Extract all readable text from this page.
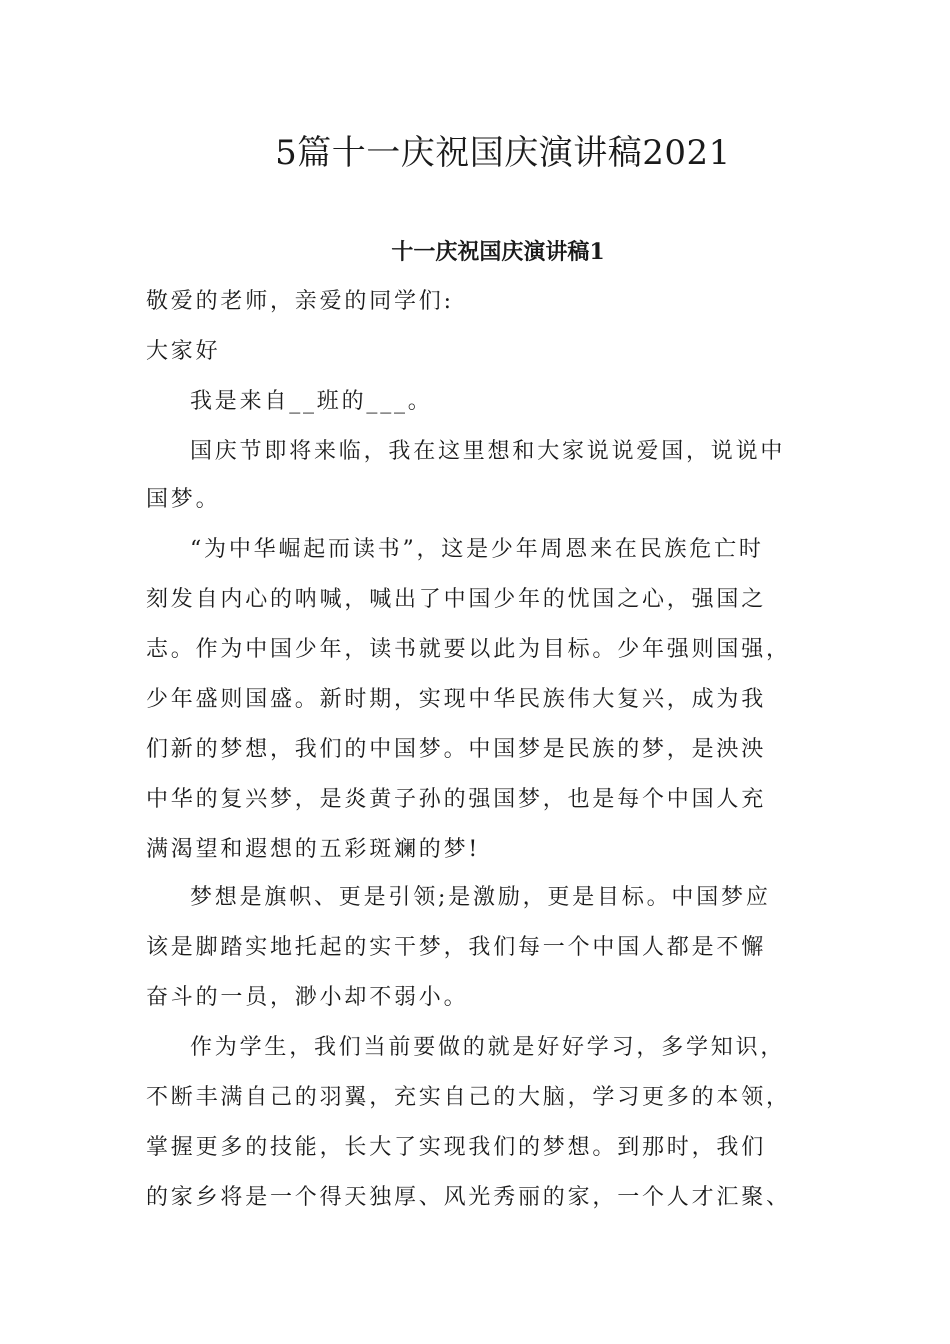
5篇十一庆祝国庆演讲稿2021
十一庆祝国庆演讲稿1
敬爱的老师，亲爱的同学们:
大家好
我是来自__班的___。
国庆节即将来临，我在这里想和大家说说爱国，说说中
国梦。
“为中华崛起而读书”，这是少年周恩来在民族危亡时
刻发自内心的呐喊，喊出了中国少年的忧国之心，强国之
志。作为中国少年，读书就要以此为目标。少年强则国强，
少年盛则国盛。新时期，实现中华民族伟大复兴，成为我
们新的梦想，我们的中国梦。中国梦是民族的梦，是泱泱
中华的复兴梦，是炎黄子孙的强国梦，也是每个中国人充
满渴望和遐想的五彩斑斓的梦!
梦想是旗帜、更是引领;是激励，更是目标。中国梦应
该是脚踏实地托起的实干梦，我们每一个中国人都是不懈
奋斗的一员，渺小却不弱小。
作为学生，我们当前要做的就是好好学习，多学知识，
不断丰满自己的羽翼，充实自己的大脑，学习更多的本领，
掌握更多的技能，长大了实现我们的梦想。到那时，我们
的家乡将是一个得天独厚、风光秀丽的家，一个人才汇聚、
